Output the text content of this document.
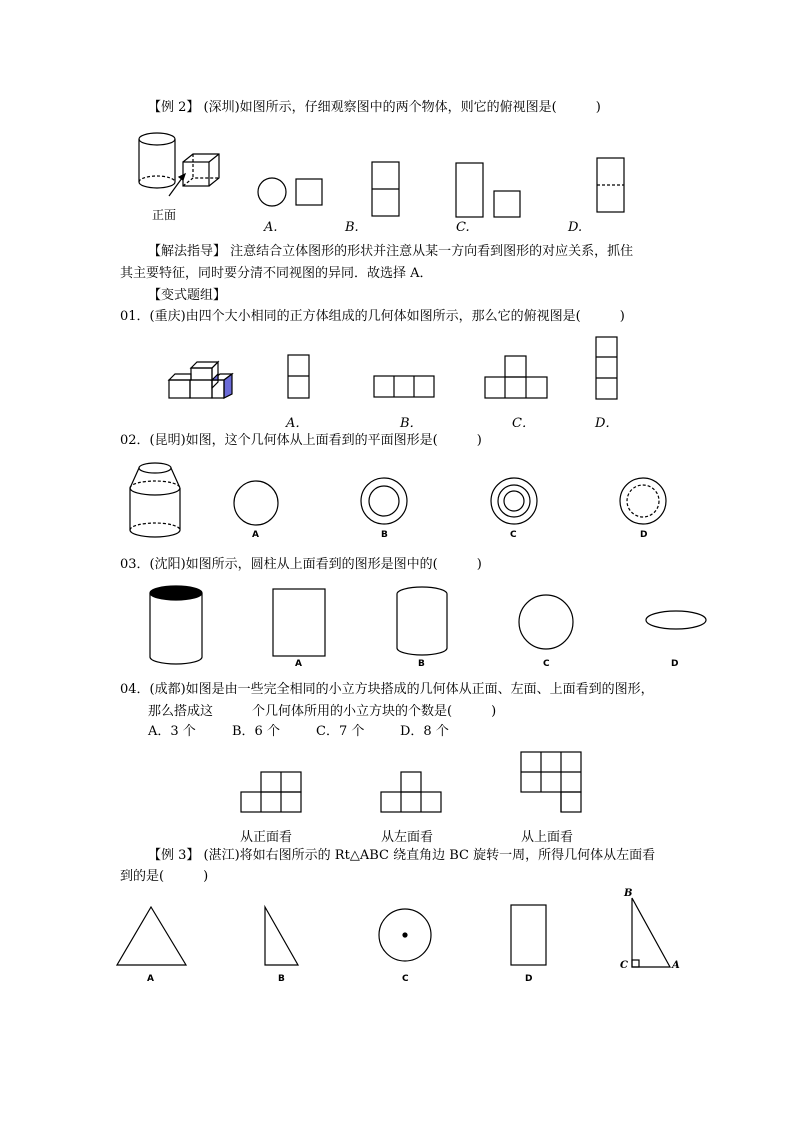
【例 2】 (深圳)如图所示，仔细观察图中的两个物体，则它的俯视图是(　　　)
正面
A.	B.	C.	D.
【解法指导】 注意结合立体图形的形状并注意从某一方向看到图形的对应关系，抓住
其主要特征，同时要分清不同视图的异同．故选择 A．
【变式题组】
01．(重庆)由四个大小相同的正方体组成的几何体如图所示，那么它的俯视图是(　　　)
A．	B．	C．	D．
02．(昆明)如图，这个几何体从上面看到的平面图形是(　　　)
A	B	C	D
03．(沈阳)如图所示，圆柱从上面看到的图形是图中的(　　　)
A	B	C	D
04．(成都)如图是由一些完全相同的小立方块搭成的几何体从正面、左面、上面看到的图形，
那么搭成这　　　个几何体所用的小立方块的个数是(　　　)
A．3 个	B．6 个	C．7 个	D．8 个
从正面看	从左面看	从上面看
【例 3】 (湛江)将如右图所示的 Rt△ABC 绕直角边 BC 旋转一周，所得几何体从左面看
到的是(　　　)
A	B	C	D
B
C	A
